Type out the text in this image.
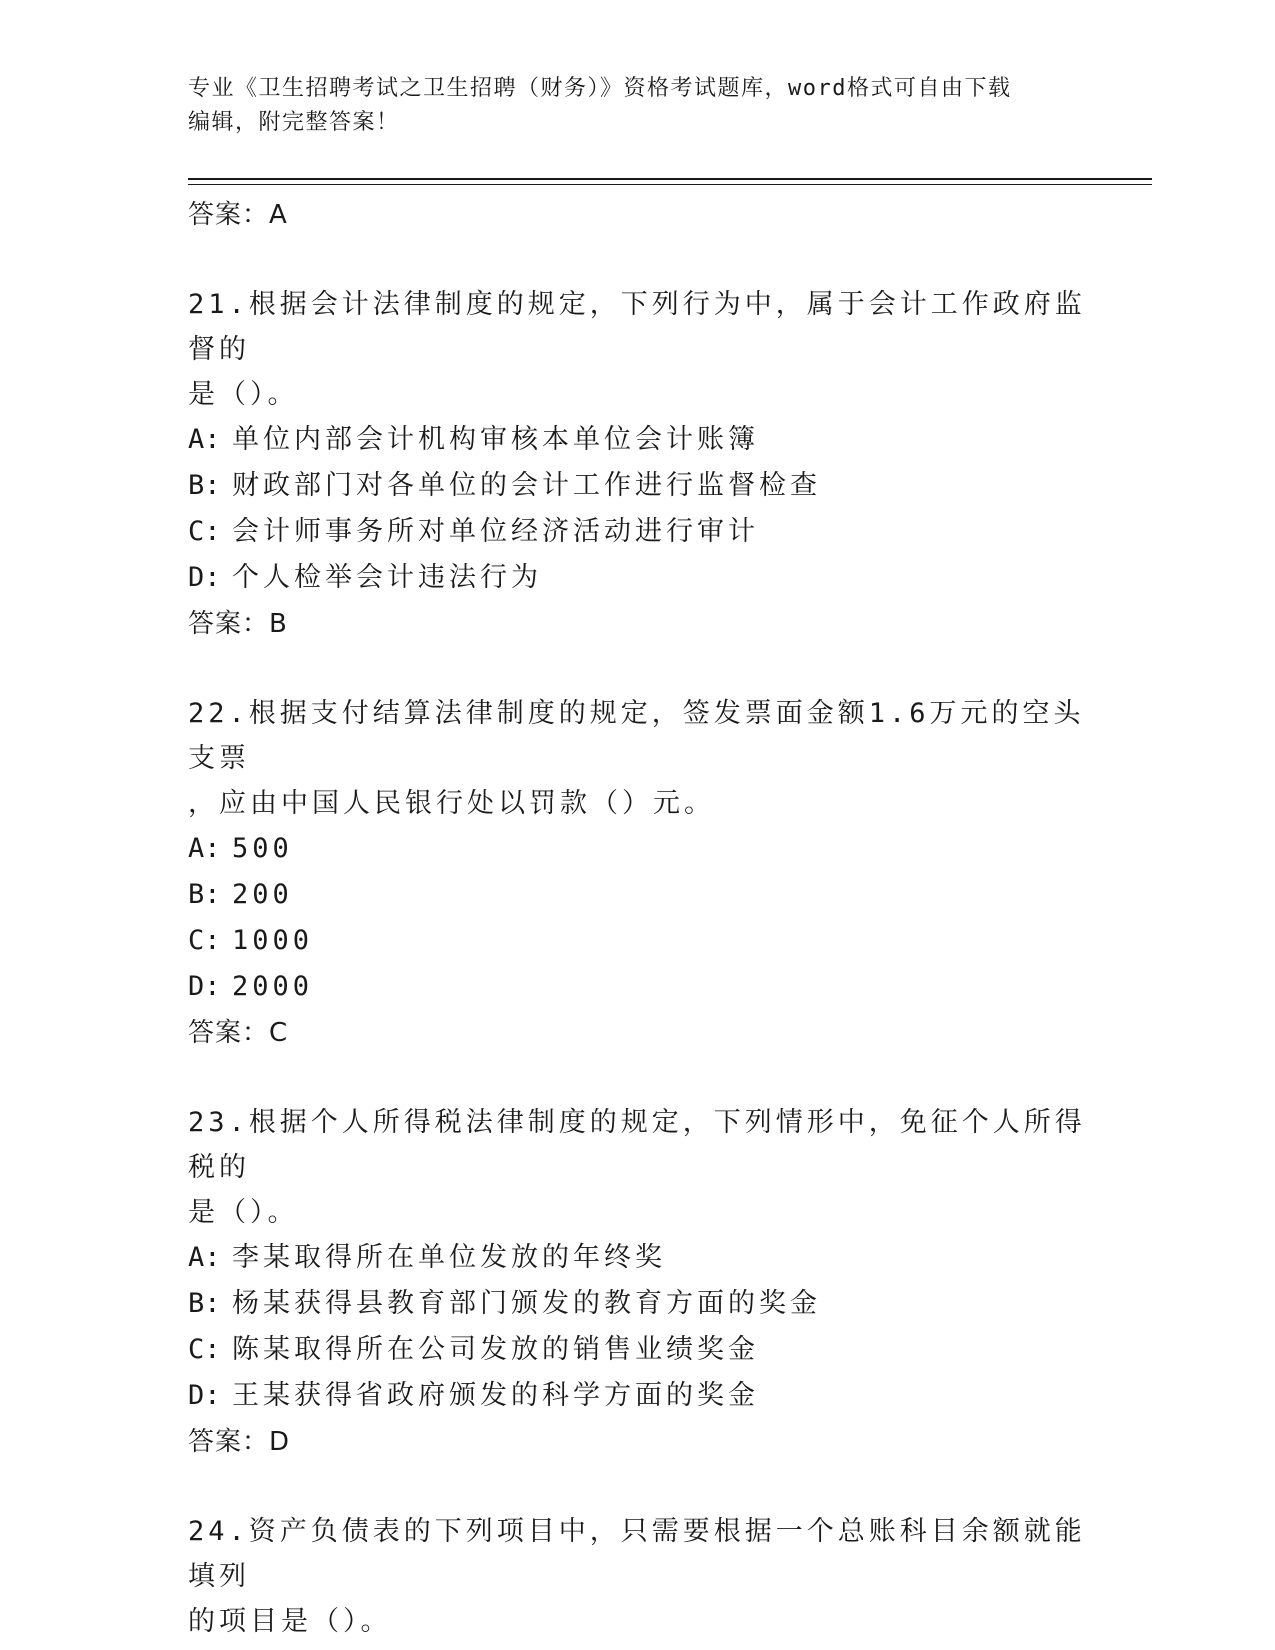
专业《卫生招聘考试之卫生招聘（财务）》资格考试题库，word格式可自由下载
编辑，附完整答案！
答案：A
21.根据会计法律制度的规定，下列行为中，属于会计工作政府监督的
是（）。
A: 单位内部会计机构审核本单位会计账簿
B: 财政部门对各单位的会计工作进行监督检查
C: 会计师事务所对单位经济活动进行审计
D: 个人检举会计违法行为
答案：B
22.根据支付结算法律制度的规定，签发票面金额1.6万元的空头支票
，应由中国人民银行处以罚款（）元。
A: 500
B: 200
C: 1000
D: 2000
答案：C
23.根据个人所得税法律制度的规定，下列情形中，免征个人所得税的
是（）。
A: 李某取得所在单位发放的年终奖
B: 杨某获得县教育部门颁发的教育方面的奖金
C: 陈某取得所在公司发放的销售业绩奖金
D: 王某获得省政府颁发的科学方面的奖金
答案：D
24.资产负债表的下列项目中，只需要根据一个总账科目余额就能填列
的项目是（）。
